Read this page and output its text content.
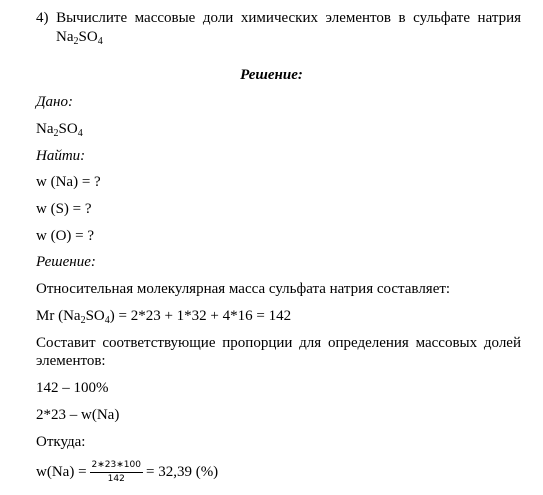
4) Вычислите массовые доли химических элементов в сульфате натрия
$Na_2SO_4$
Решение:
Дано:
$Na_2SO_4$
Найти:
w (Na) = ?
w (S) = ?
w (O) = ?
Решение:
Относительная молекулярная масса сульфата натрия составляет:
Mr $(Na_2SO_4) = 2*23 + 1*32 + 4*16 = 142$
Составит соответствующие пропорции для определения массовых долей
элементов:
142 – 100%
2*23 – w(Na)
Откуда:
$w(Na) = \frac{2∗23∗100}{142} = 32,39$ (%)
